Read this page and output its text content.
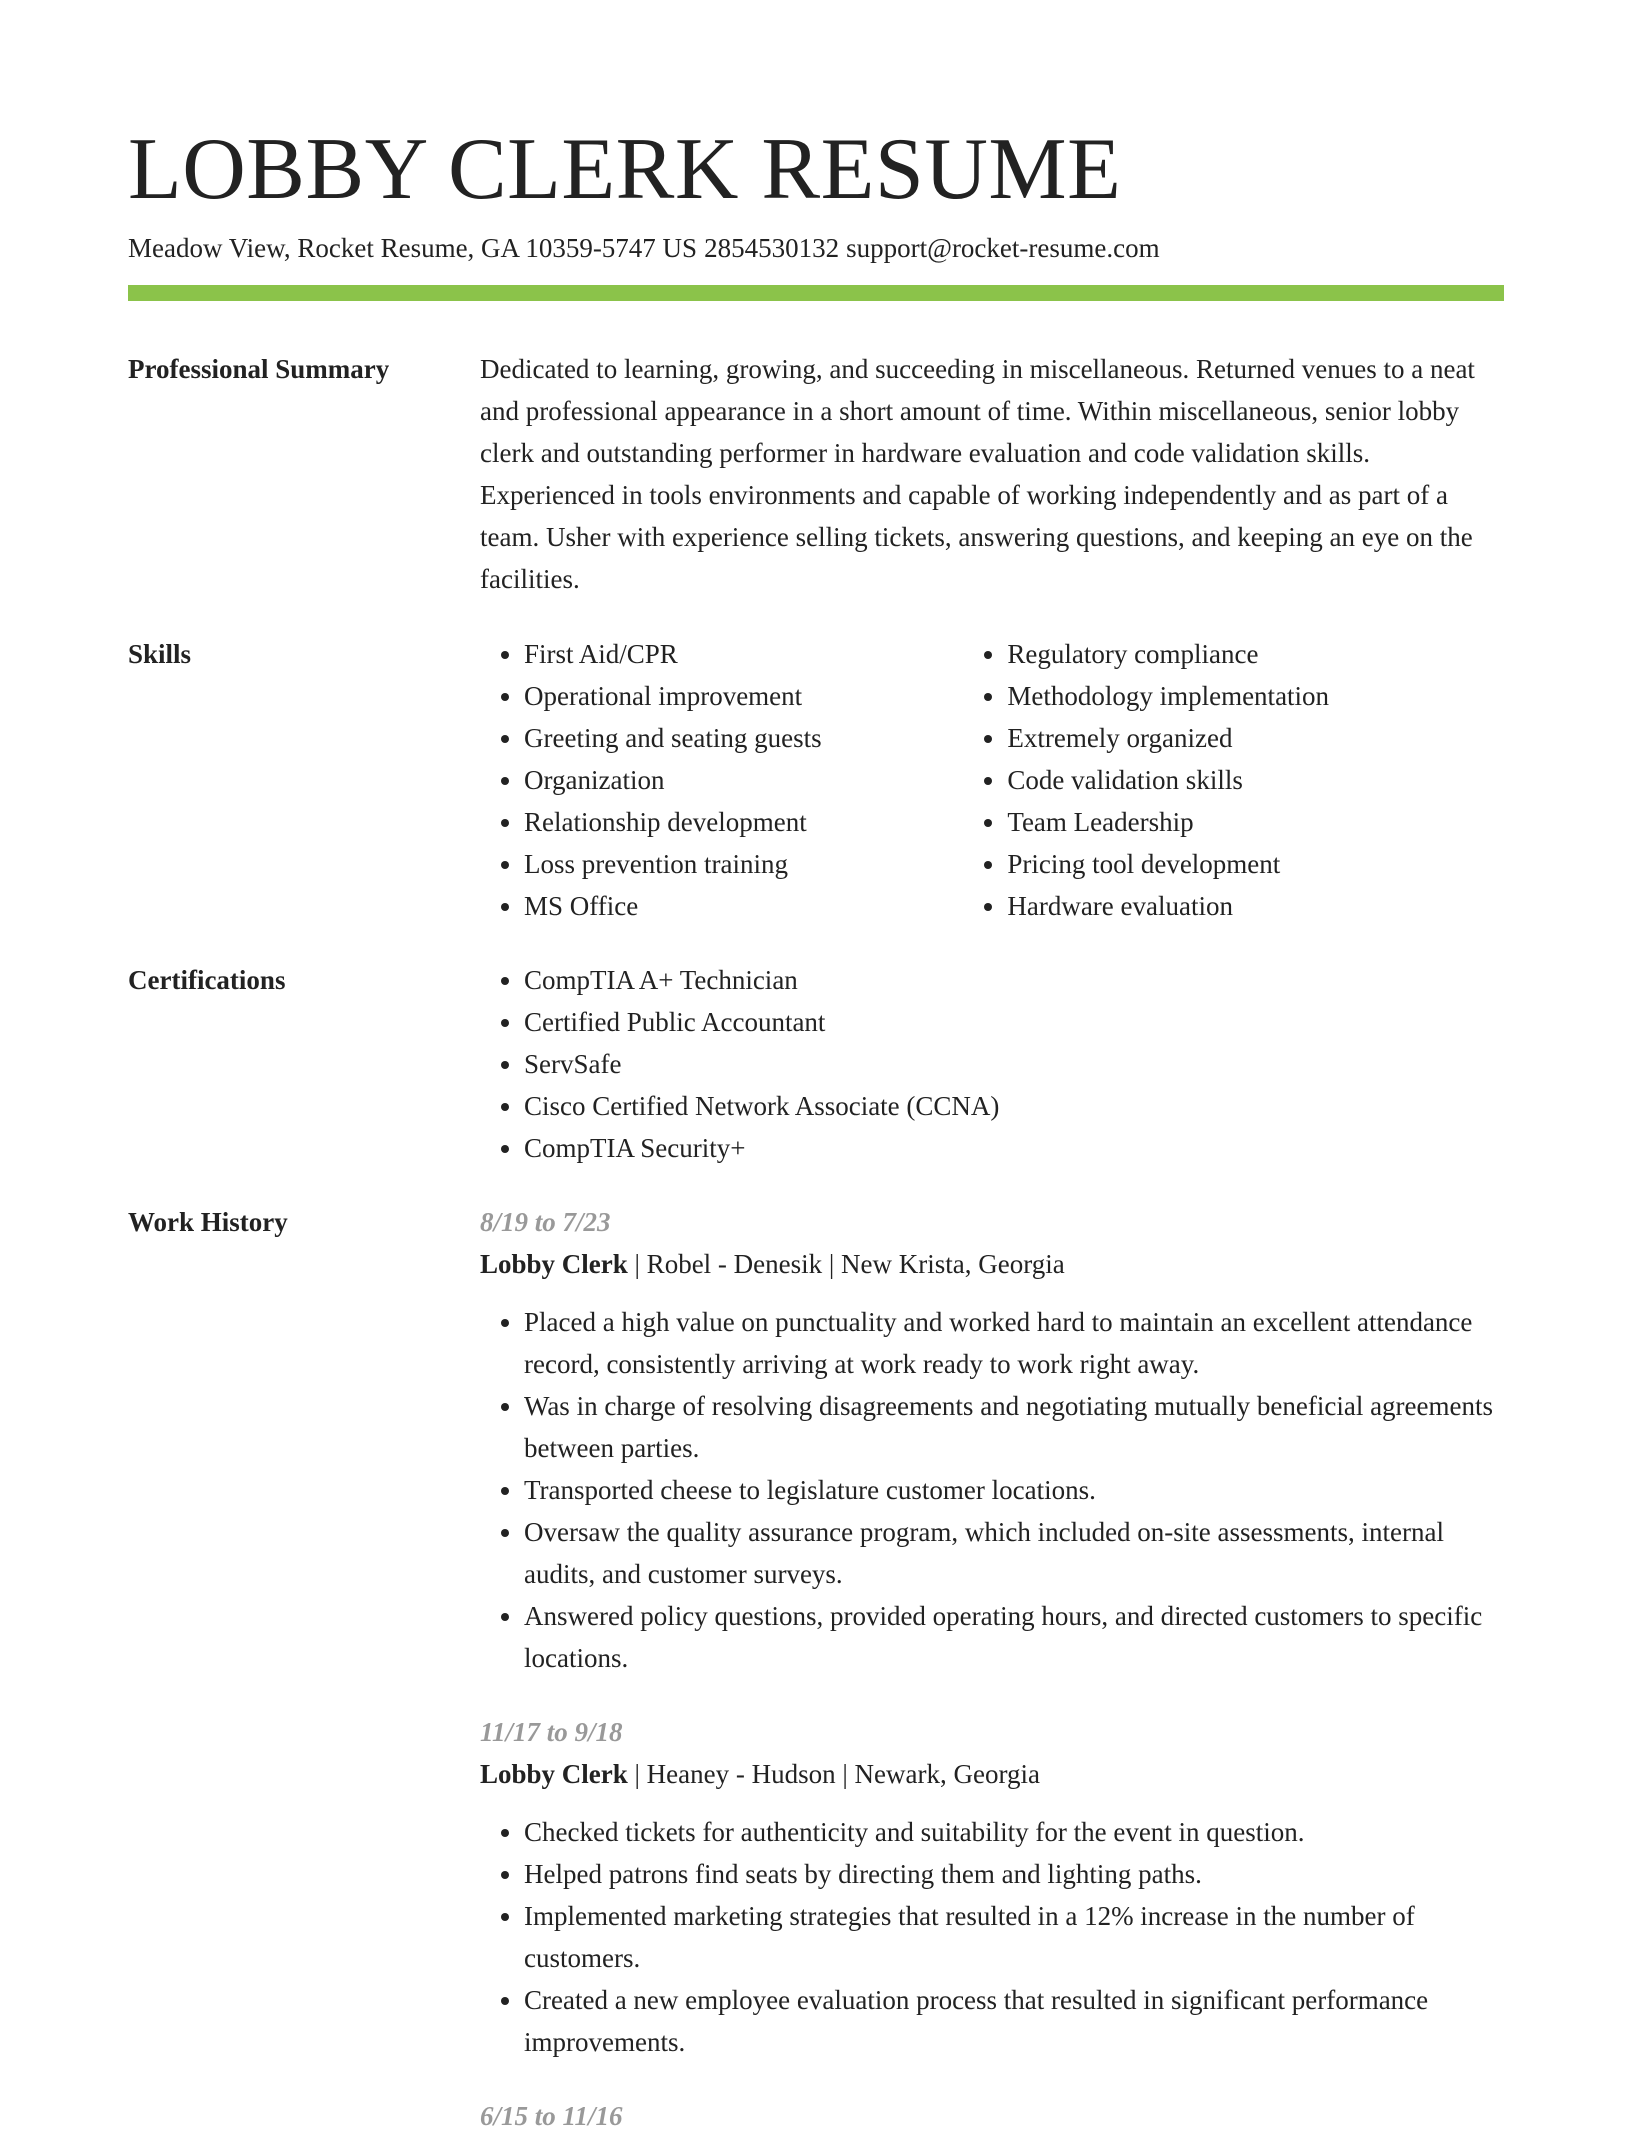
LOBBY CLERK RESUME
Meadow View, Rocket Resume, GA 10359-5747 US 2854530132 support@rocket-resume.com
Professional Summary	Dedicated to learning, growing, and succeeding in miscellaneous. Returned venues to a neat and professional appearance in a short amount of time. Within miscellaneous, senior lobby clerk and outstanding performer in hardware evaluation and code validation skills. Experienced in tools environments and capable of working independently and as part of a team. Usher with experience selling tickets, answering questions, and keeping an eye on the facilities.

Skills	• First Aid/CPR
• Operational improvement
• Greeting and seating guests
• Organization
• Relationship development
• Loss prevention training
• MS Office
• Regulatory compliance
• Methodology implementation
• Extremely organized
• Code validation skills
• Team Leadership
• Pricing tool development
• Hardware evaluation
Certifications	• CompTIA A+ Technician
• Certified Public Accountant
• ServSafe
• Cisco Certified Network Associate (CCNA)
• CompTIA Security+
Work History	8/19 to 7/23
Lobby Clerk | Robel - Denesik | New Krista, Georgia
• Placed a high value on punctuality and worked hard to maintain an excellent attendance record, consistently arriving at work ready to work right away.
• Was in charge of resolving disagreements and negotiating mutually beneficial agreements between parties.
• Transported cheese to legislature customer locations.
• Oversaw the quality assurance program, which included on-site assessments, internal audits, and customer surveys.
• Answered policy questions, provided operating hours, and directed customers to specific locations.
11/17 to 9/18
Lobby Clerk | Heaney - Hudson | Newark, Georgia
• Checked tickets for authenticity and suitability for the event in question.
• Helped patrons find seats by directing them and lighting paths.
• Implemented marketing strategies that resulted in a 12% increase in the number of customers.
• Created a new employee evaluation process that resulted in significant performance improvements.
6/15 to 11/16
